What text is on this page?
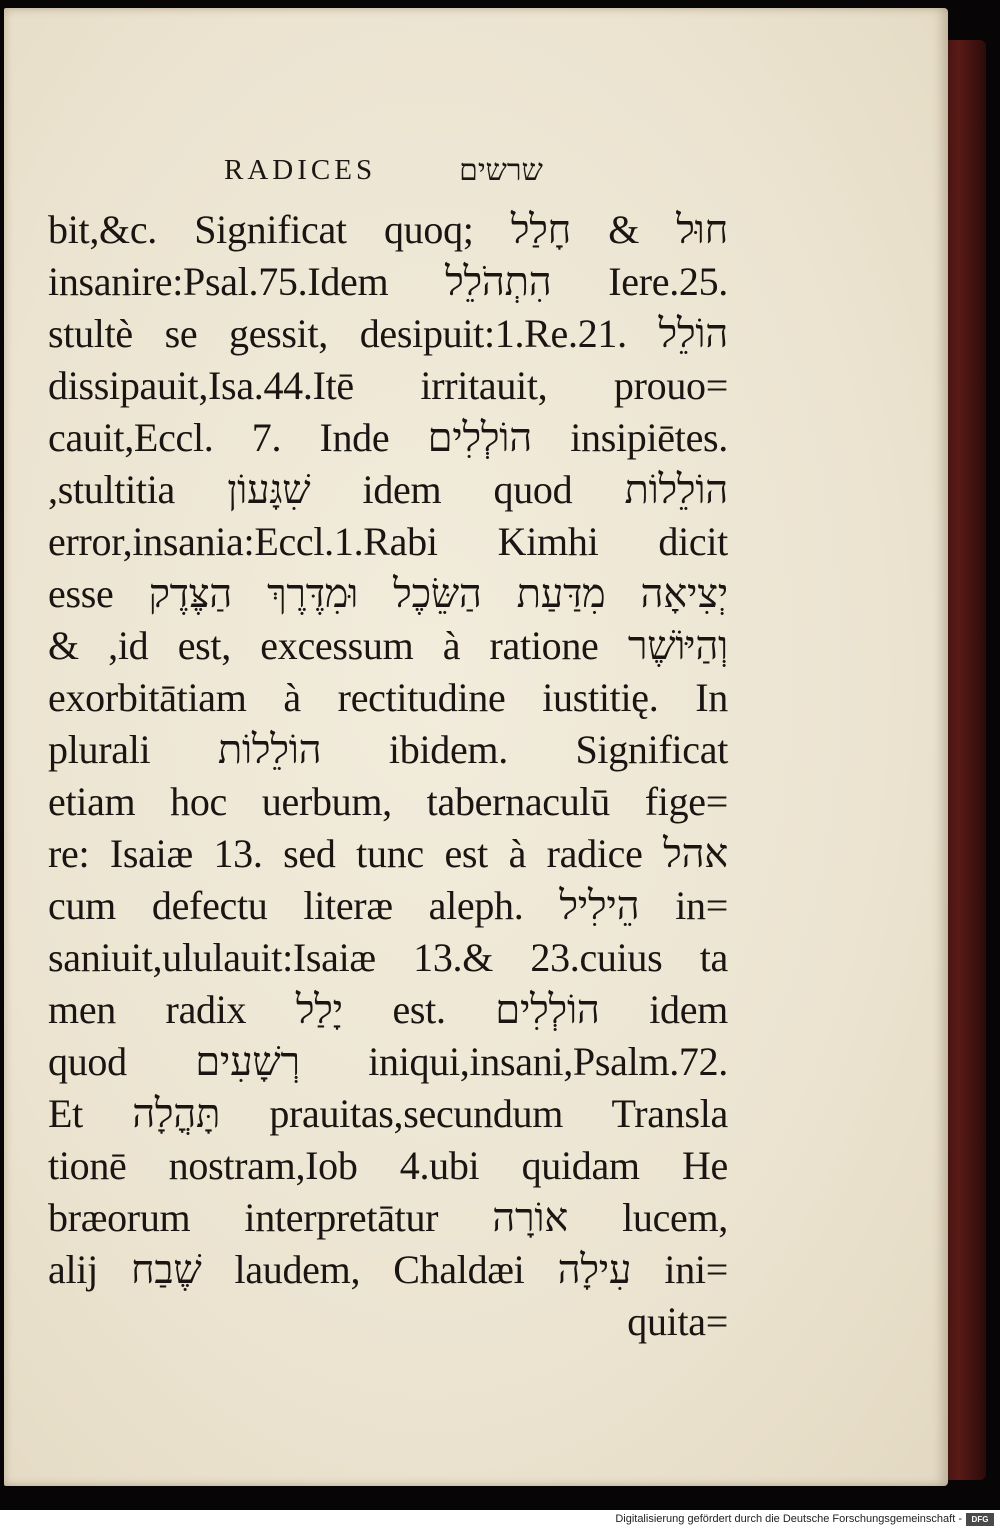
RADICES	שרשים
bit,&c. Significat quoq; חוּל & חָלַל
insanire:Psal.75.Idem הִתְהֹלֵל Iere.25.
stultè se gessit, desipuit:1.Re.21. הוֹלֵל
dissipauit,Isa.44.Itē irritauit, prouo=
cauit,Eccl. 7. Inde הוֹלְלִים insipiētes.
הוֹלֵלוֹת idem quod שִׁגָּעוֹן stultitia,
error,insania:Eccl.1.Rabi Kimhi dicit
esse יְצִיאָה מִדַּעַת הַשֵּׂכֶל וּמִדֶּרֶךְ הַצֶּדֶק
וְהַיּוֹשֶׁר id est, excessum à ratione, &
exorbitātiam à rectitudine iustitię. In
plurali הוֹלֵלוֹת ibidem. Significat
etiam hoc uerbum, tabernaculū fige=
re: Isaiæ 13. sed tunc est à radice אהל
cum defectu literæ aleph. הֵילִיל in=
saniuit,ululauit:Isaiæ 13.& 23.cuius ta
men radix יָלַל est. הוֹלְלִים idem
quod רְשָׁעִים iniqui,insani,Psalm.72.
Et תָּהֳלָה prauitas,secundum Transla
tionē nostram,Iob 4.ubi quidam He
bræorum interpretātur אוֹרָה lucem,
alij שֶׁבַח laudem, Chaldæi עִילָה ini=
quita=
Digitalisierung gefördert durch die Deutsche Forschungsgemeinschaft -	DFG
